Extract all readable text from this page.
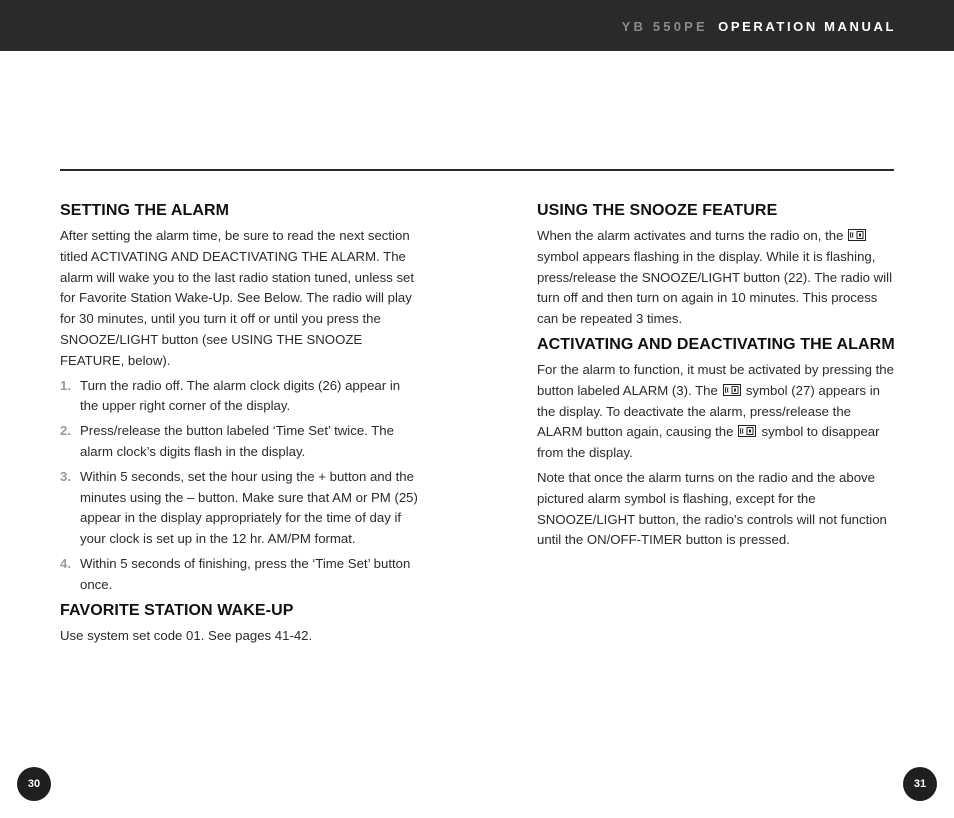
YB 550PE OPERATION MANUAL
SETTING THE ALARM

After setting the alarm time, be sure to read the next section titled ACTIVATING AND DEACTIVATING THE ALARM. The alarm will wake you to the last radio station tuned, unless set for Favorite Station Wake-Up. See Below. The radio will play for 30 minutes, until you turn it off or until you press the SNOOZE/LIGHT button (see USING THE SNOOZE FEATURE, below).

1. Turn the radio off. The alarm clock digits (26) appear in the upper right corner of the display.
2. Press/release the button labeled ‘Time Set’ twice. The alarm clock’s digits flash in the display.
3. Within 5 seconds, set the hour using the + button and the minutes using the – button. Make sure that AM or PM (25) appear in the display appropriately for the time of day if your clock is set up in the 12 hr. AM/PM format.
4. Within 5 seconds of finishing, press the ‘Time Set’ button once.
FAVORITE STATION WAKE-UP

Use system set code 01. See pages 41-42.

USING THE SNOOZE FEATURE

When the alarm activates and turns the radio on, thesymbol appears flashing in the display. While it is flashing, press/release the SNOOZE/LIGHT button (22). The radio will turn off and then turn on again in 10 minutes. This process can be repeated 3 times.

ACTIVATING AND DEACTIVATING THE ALARM

For the alarm to function, it must be activated by pressing the button labeled ALARM (3). The symbol (27) appears in the display. To deactivate the alarm, press/release the ALARM button again, causing the symbol to disappear from the display.

Note that once the alarm turns on the radio and the above pictured alarm symbol is flashing, except for the SNOOZE/LIGHT button, the radio’s controls will not function until the ON/OFF-TIMER button is pressed.

30	31
